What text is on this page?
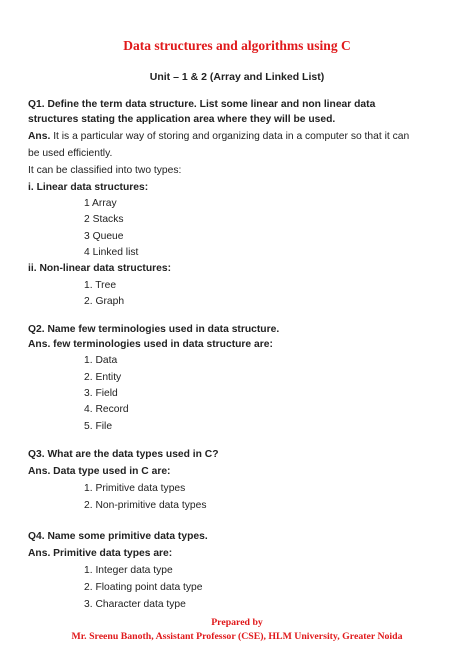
Data structures and algorithms using C
Unit – 1 & 2 (Array and Linked List)
Q1. Define the term data structure. List some linear and non linear data
structures stating the application area where they will be used.
Ans. It is a particular way of storing and organizing data in a computer so that it can
be used efficiently.
It can be classified into two types:
i. Linear data structures:
1 Array
2 Stacks
3 Queue
4 Linked list
ii. Non-linear data structures:
1. Tree
2. Graph
Q2. Name few terminologies used in data structure.
Ans. few terminologies used in data structure are:
1. Data
2. Entity
3. Field
4. Record
5. File
Q3. What are the data types used in C?
Ans. Data type used in C are:
1. Primitive data types
2. Non-primitive data types
Q4. Name some primitive data types.
Ans. Primitive data types are:
1. Integer data type
2. Floating point data type
3. Character data type
Prepared by
Mr. Sreenu Banoth, Assistant Professor (CSE), HLM University, Greater Noida
